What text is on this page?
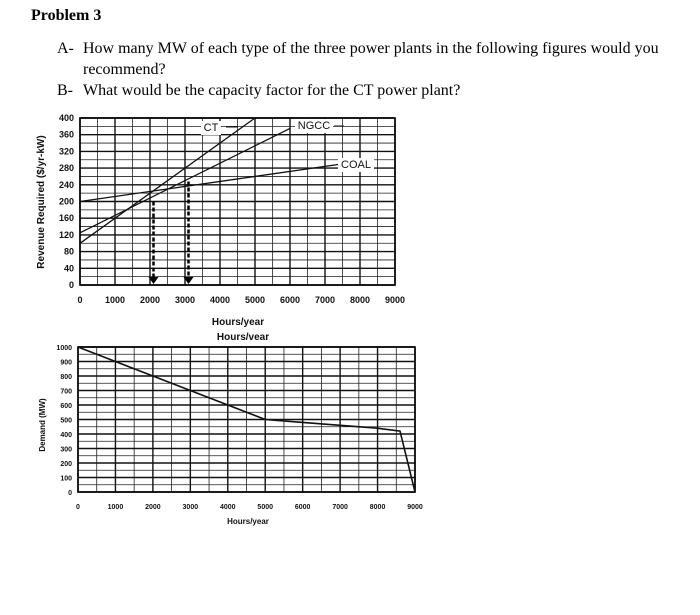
Problem 3
A- How many MW of each type of the three power plants in the following figures would you
recommend?
B- What would be the capacity factor for the CT power plant?
0 1000 2000 3000 4000 5000 6000 7000 8000 9000
0
40
80
120
160
200
240
280
320
360
400
Hours/year
Revenue Required ($/yr-kW)
Hours/vear
CT	NGCC
COAL
0	1000	2000	3000	4000	5000	6000	7000	8000	9000
0
100
200
300
400
500
600
700
800
900
1000
Hours/year
Demand (MW)
